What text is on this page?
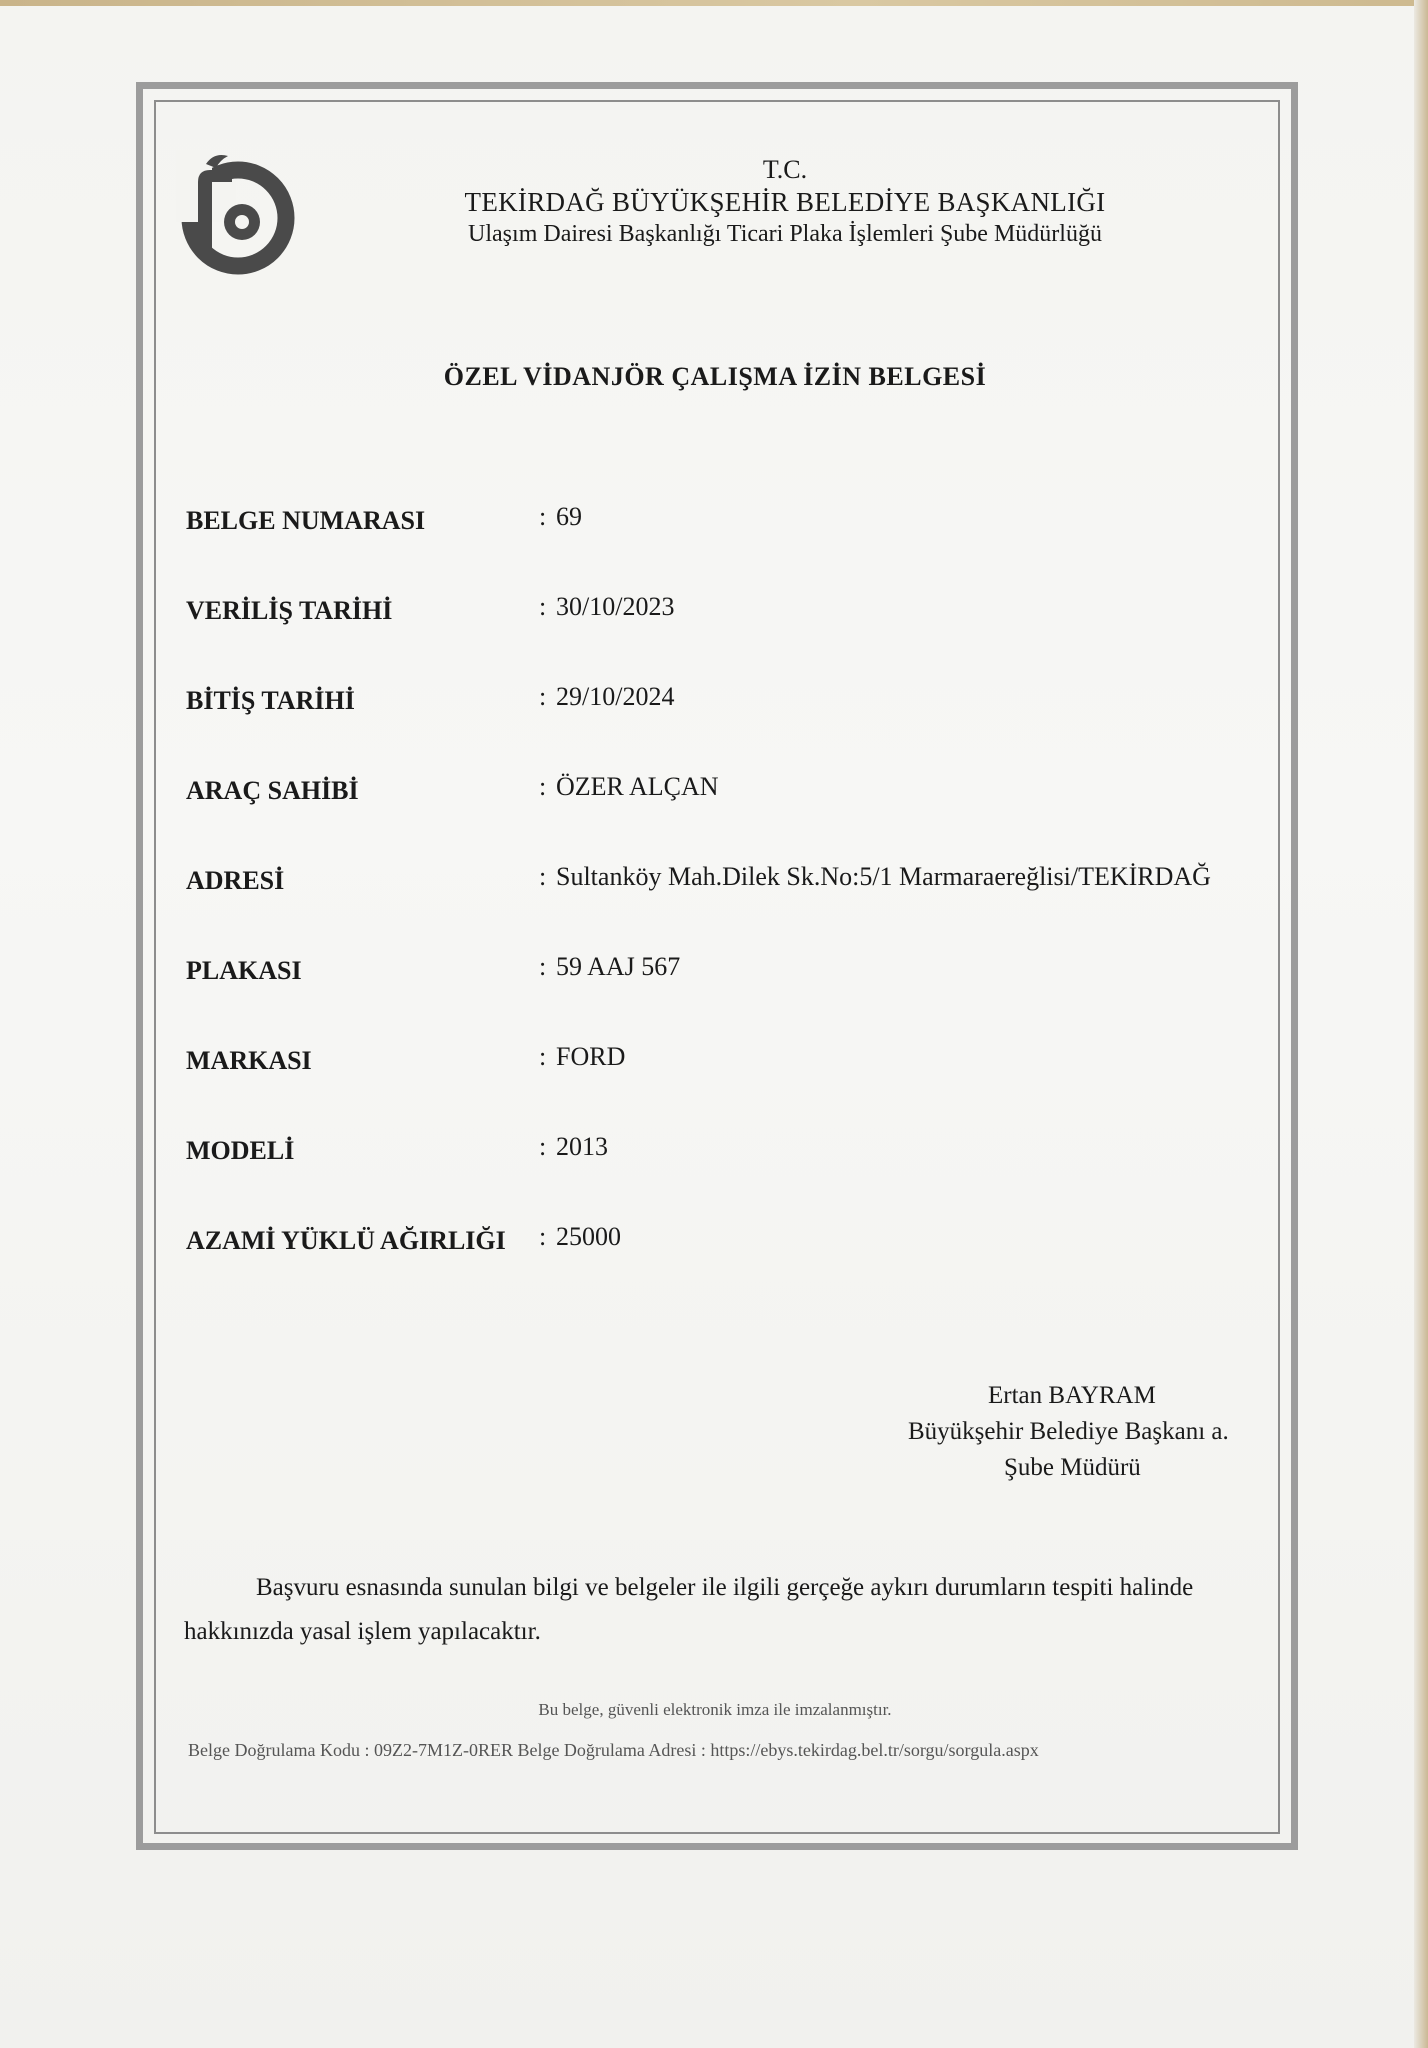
T.C.
TEKİRDAĞ BÜYÜKŞEHİR BELEDİYE BAŞKANLIĞI
Ulaşım Dairesi Başkanlığı Ticari Plaka İşlemleri Şube Müdürlüğü
ÖZEL VİDANJÖR ÇALIŞMA İZİN BELGESİ
BELGE NUMARASI	: 69
VERİLİŞ TARİHİ	: 30/10/2023
BİTİŞ TARİHİ	: 29/10/2024
ARAÇ SAHİBİ	: ÖZER ALÇAN
ADRESİ	: Sultanköy Mah.Dilek Sk.No:5/1 Marmaraereğlisi/TEKİRDAĞ
PLAKASI	: 59 AAJ 567
MARKASI	: FORD
MODELİ	: 2013
AZAMİ YÜKLÜ AĞIRLIĞI : 25000
Ertan BAYRAM
Büyükşehir Belediye Başkanı a.
Şube Müdürü
Başvuru esnasında sunulan bilgi ve belgeler ile ilgili gerçeğe aykırı durumların tespiti halinde hakkınızda yasal işlem yapılacaktır.
Bu belge, güvenli elektronik imza ile imzalanmıştır.
Belge Doğrulama Kodu : 09Z2-7M1Z-0RER Belge Doğrulama Adresi : https://ebys.tekirdag.bel.tr/sorgu/sorgula.aspx
